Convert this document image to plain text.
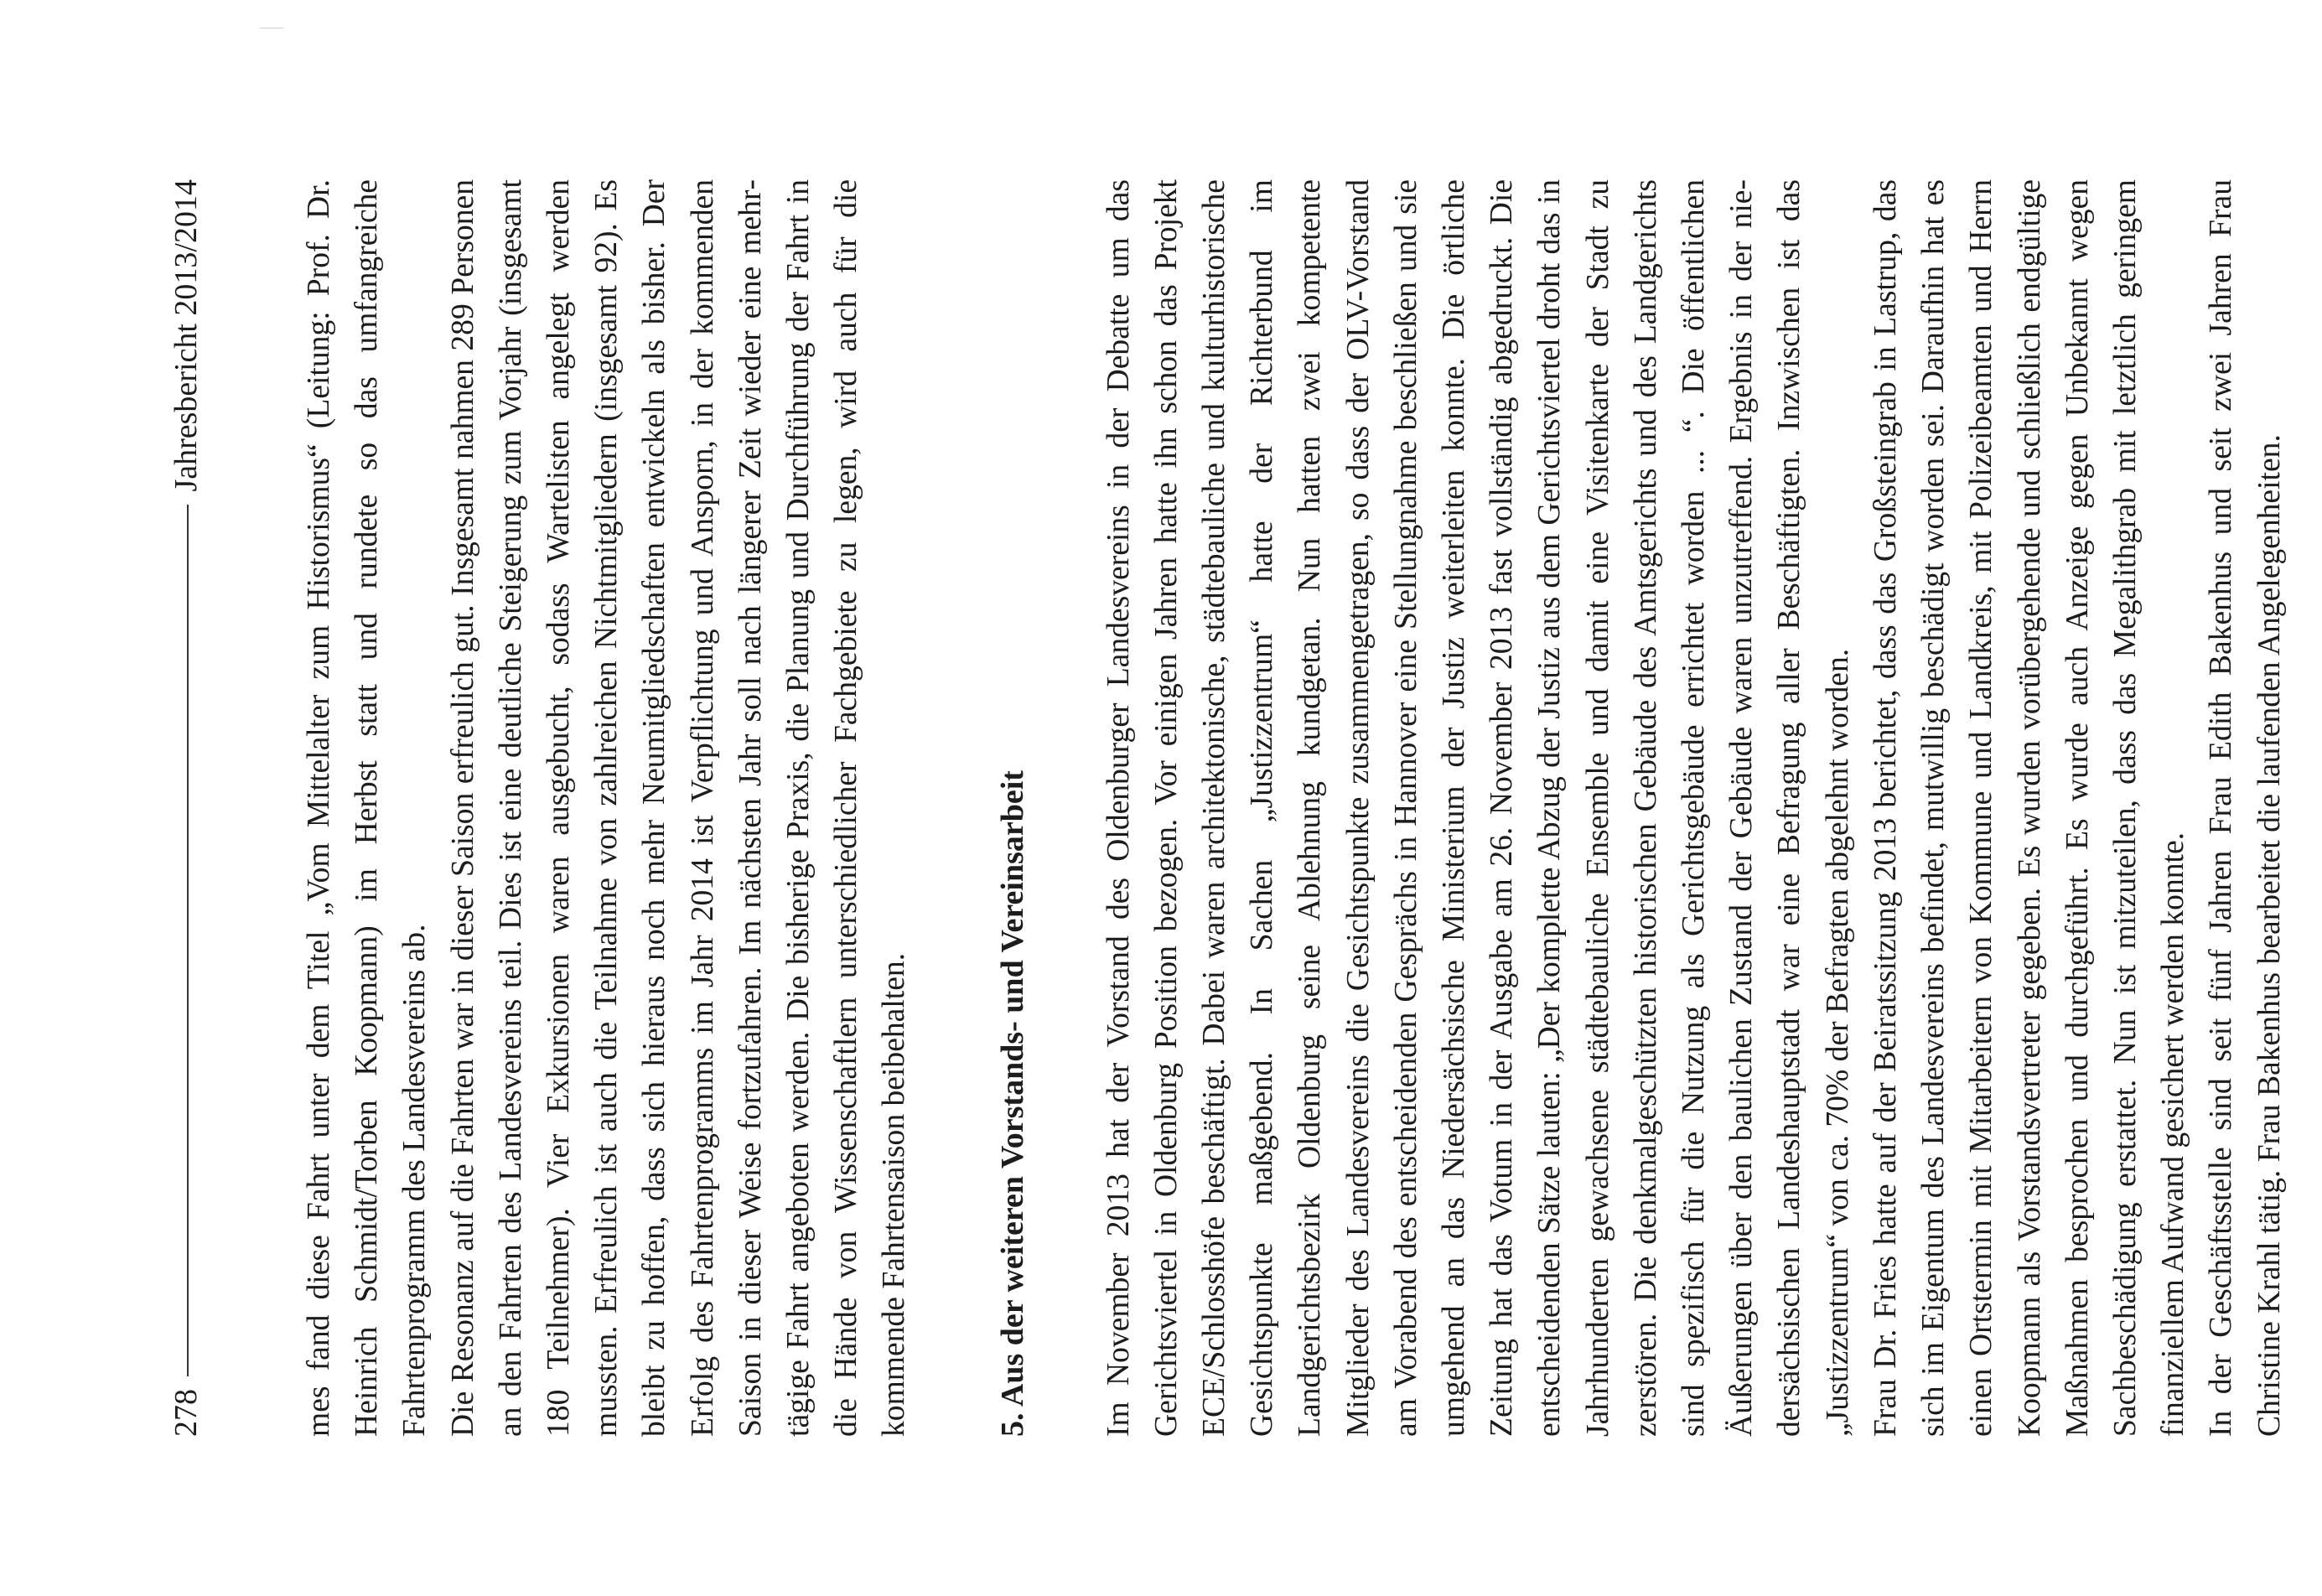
278
Jahresbericht 2013/2014	mes fand diese Fahrt unter dem Titel „Vom Mittelalter zum Historismus“ (Leitung: Prof. Dr. Heinrich Schmidt/Torben Koopmann) im Herbst statt und rundete so das umfangreiche Fahrtenprogramm des Landesvereins ab. Die Resonanz auf die Fahrten war in dieser Saison erfreulich gut. Insgesamt nahmen 289 Personen an den Fahrten des Landesvereins teil. Dies ist eine deutliche Steigerung zum Vorjahr (insgesamt 180 Teilnehmer). Vier Exkursionen waren ausgebucht, sodass Wartelisten angelegt werden mussten. Erfreulich ist auch die Teilnahme von zahlreichen Nichtmitgliedern (insgesamt 92). Es bleibt zu hoffen, dass sich hieraus noch mehr Neumitgliedschaften entwickeln als bisher. Der Erfolg des Fahrtenprogramms im Jahr 2014 ist Verpflichtung und Ansporn, in der kommenden Saison in dieser Weise fortzufahren. Im nächsten Jahr soll nach längerer Zeit wieder eine mehrtägige Fahrt angeboten werden. Die bisherige Praxis, die Planung und Durchführung der Fahrt in die Hände von Wissenschaftlern unterschiedlicher Fachgebiete zu legen, wird auch für die kommende Fahrtensaison beibehalten.	5. Aus der weiteren Vorstands- und Vereinsarbeit Im November 2013 hat der Vorstand des Oldenburger Landesvereins in der Debatte um das Gerichtsviertel in Oldenburg Position bezogen. Vor einigen Jahren hatte ihn schon das Projekt ECE/Schlosshöfe beschäftigt. Dabei waren architektonische, städtebauliche und kulturhistorische Gesichtspunkte maßgebend. In Sachen „Justizzentrum“ hatte der Richterbund im Landgerichtsbezirk Oldenburg seine Ablehnung kundgetan. Nun hatten zwei kompetente Mitglieder des Landesvereins die Gesichtspunkte zusammengetragen, so dass der OLV-Vorstand am Vorabend des entscheidenden Gesprächs in Hannover eine Stellungnahme beschließen und sie umgehend an das Niedersächsische Ministerium der Justiz weiterleiten konnte. Die örtliche Zeitung hat das Votum in der Ausgabe am 26. November 2013 fast vollständig abgedruckt. Die entscheidenden Sätze lauten: „Der komplette Abzug der Justiz aus dem Gerichtsviertel droht das in Jahrhunderten gewachsene städtebauliche Ensemble und damit eine Visitenkarte der Stadt zu zerstören. Die denkmalgeschützten historischen Gebäude des Amtsgerichts und des Landgerichts sind spezifisch für die Nutzung als Gerichtsgebäude errichtet worden ... “. Die öffentlichen Äußerungen über den baulichen Zustand der Gebäude waren unzutreffend. Ergebnis in der niedersächsischen Landeshauptstadt war eine Befragung aller Beschäftigten. Inzwischen ist das „Justizzentrum“ von ca. 70% der Befragten abgelehnt worden. Frau Dr. Fries hatte auf der Beiratssitzung 2013 berichtet, dass das Großsteingrab in Lastrup, das sich im Eigentum des Landesvereins befindet, mutwillig beschädigt worden sei. Daraufhin hat es einen Ortstermin mit Mitarbeitern von Kommune und Landkreis, mit Polizeibeamten und Herrn Koopmann als Vorstandsvertreter gegeben. Es wurden vorübergehende und schließlich endgültige Maßnahmen besprochen und durchgeführt. Es wurde auch Anzeige gegen Unbekannt wegen Sachbeschädigung erstattet. Nun ist mitzuteilen, dass das Megalithgrab mit letztlich geringem finanziellem Aufwand gesichert werden konnte. In der Geschäftsstelle sind seit fünf Jahren Frau Edith Bakenhus und seit zwei Jahren Frau Christine Krahl tätig. Frau Bakenhus bearbeitet die laufenden Angelegenheiten.
